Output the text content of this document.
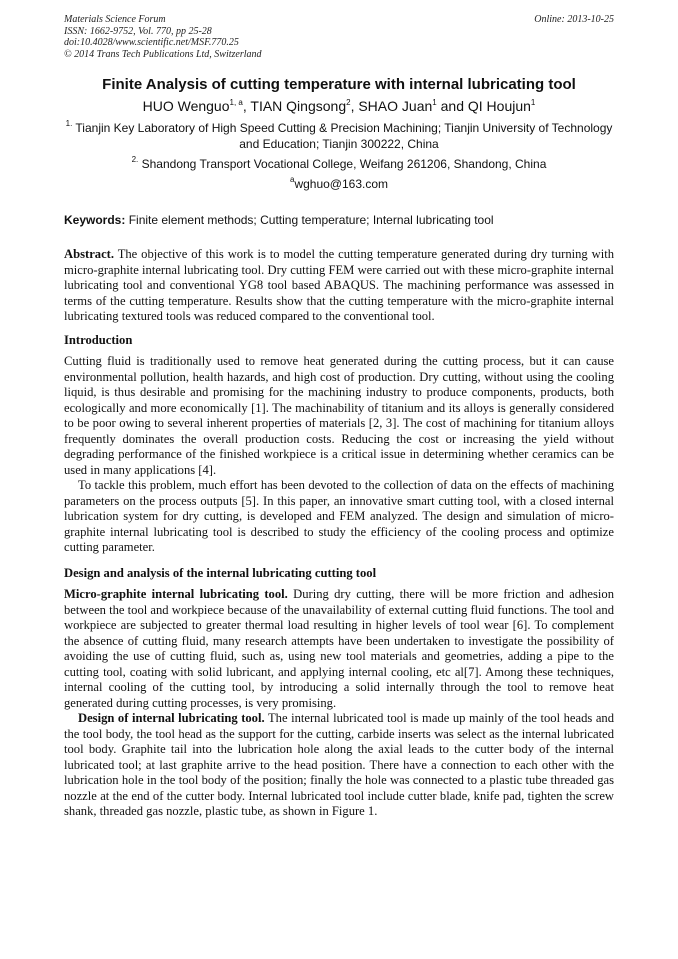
Materials Science Forum
ISSN: 1662-9752, Vol. 770, pp 25-28
doi:10.4028/www.scientific.net/MSF.770.25
© 2014 Trans Tech Publications Ltd, Switzerland
Online: 2013-10-25
Finite Analysis of cutting temperature with internal lubricating tool
HUO Wenguo$^{1, a}$, TIAN Qingsong$^2$, SHAO Juan$^1$ and QI Houjun$^1$
$^{1.}$ Tianjin Key Laboratory of High Speed Cutting & Precision Machining; Tianjin University of Technology and Education; Tianjin 300222, China
$^{2.}$ Shandong Transport Vocational College, Weifang 261206, Shandong, China
$^a$wghuo@163.com
Keywords: Finite element methods; Cutting temperature; Internal lubricating tool
Abstract. The objective of this work is to model the cutting temperature generated during dry turning with micro-graphite internal lubricating tool. Dry cutting FEM were carried out with these micro-graphite internal lubricating tool and conventional YG8 tool based ABAQUS. The machining performance was assessed in terms of the cutting temperature. Results show that the cutting temperature with the micro-graphite internal lubricating textured tools was reduced compared to the conventional tool.
Introduction
Cutting fluid is traditionally used to remove heat generated during the cutting process, but it can cause environmental pollution, health hazards, and high cost of production. Dry cutting, without using the cooling liquid, is thus desirable and promising for the machining industry to produce components, products, both ecologically and more economically [1]. The machinability of titanium and its alloys is generally considered to be poor owing to several inherent properties of materials [2, 3]. The cost of machining for titanium alloys frequently dominates the overall production costs. Reducing the cost or increasing the yield without degrading performance of the finished workpiece is a critical issue in determining whether ceramics can be used in many applications [4].
To tackle this problem, much effort has been devoted to the collection of data on the effects of machining parameters on the process outputs [5]. In this paper, an innovative smart cutting tool, with a closed internal lubrication system for dry cutting, is developed and FEM analyzed. The design and simulation of micro-graphite internal lubricating tool is described to study the efficiency of the cooling process and optimize cutting parameter.
Design and analysis of the internal lubricating cutting tool
Micro-graphite internal lubricating tool. During dry cutting, there will be more friction and adhesion between the tool and workpiece because of the unavailability of external cutting fluid functions. The tool and workpiece are subjected to greater thermal load resulting in higher levels of tool wear [6]. To complement the absence of cutting fluid, many research attempts have been undertaken to investigate the possibility of avoiding the use of cutting fluid, such as, using new tool materials and geometries, adding a pipe to the cutting tool, coating with solid lubricant, and applying internal cooling, etc al[7]. Among these techniques, internal cooling of the cutting tool, by introducing a solid internally through the tool to remove heat generated during cutting processes, is very promising.
Design of internal lubricating tool. The internal lubricated tool is made up mainly of the tool heads and the tool body, the tool head as the support for the cutting, carbide inserts was select as the internal lubricated tool body. Graphite tail into the lubrication hole along the axial leads to the cutter body of the internal lubricated tool; at last graphite arrive to the head position. There have a connection to each other with the lubrication hole in the tool body of the position; finally the hole was connected to a plastic tube threaded gas nozzle at the end of the cutter body. Internal lubricated tool include cutter blade, knife pad, tighten the screw shank, threaded gas nozzle, plastic tube, as shown in Figure 1.
